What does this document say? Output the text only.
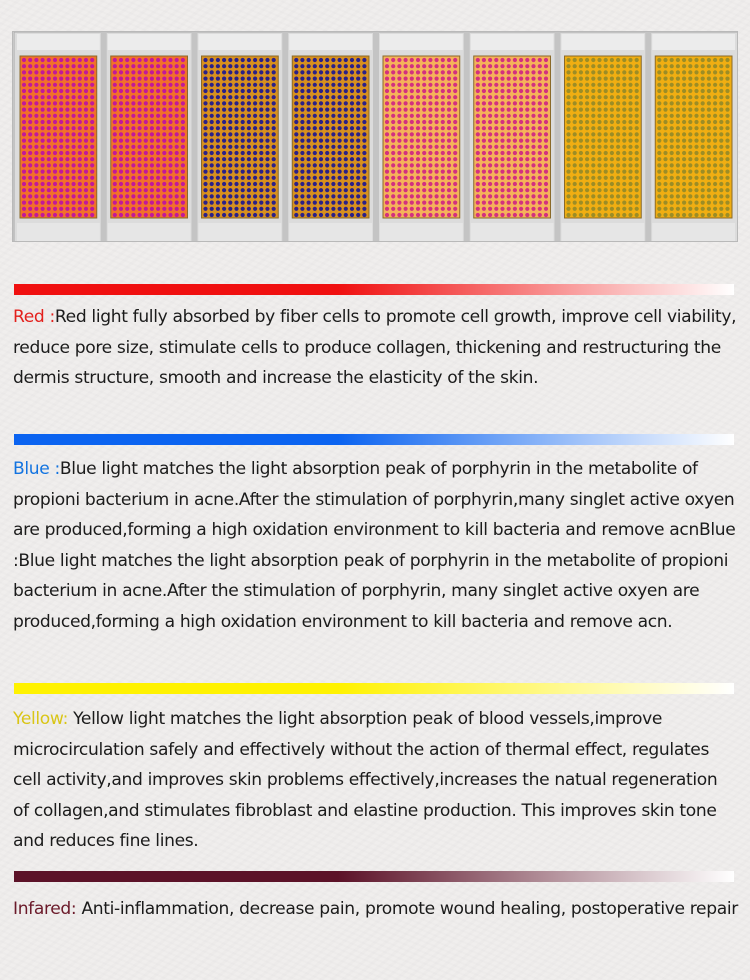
Red :Red light fully absorbed by fiber cells to promote cell growth, improve cell viability, reduce pore size, stimulate cells to produce collagen, thickening and restructuring the dermis structure, smooth and increase the elasticity of the skin.
Blue :Blue light matches the light absorption peak of porphyrin in the metabolite of propioni bacterium in acne.After the stimulation of porphyrin,many singlet active oxyen are produced,forming a high oxidation environment to kill bacteria and remove acnBlue :Blue light matches the light absorption peak of porphyrin in the metabolite of propioni bacterium in acne.After the stimulation of porphyrin, many singlet active oxyen are produced,forming a high oxidation environment to kill bacteria and remove acn.
Yellow: Yellow light matches the light absorption peak of blood vessels,improve microcirculation safely and effectively without the action of thermal effect, regulates cell activity,and improves skin problems effectively,increases the natual regeneration of collagen,and stimulates fibroblast and elastine production. This improves skin tone and reduces fine lines.
Infared: Anti-inflammation, decrease pain, promote wound healing, postoperative repair
